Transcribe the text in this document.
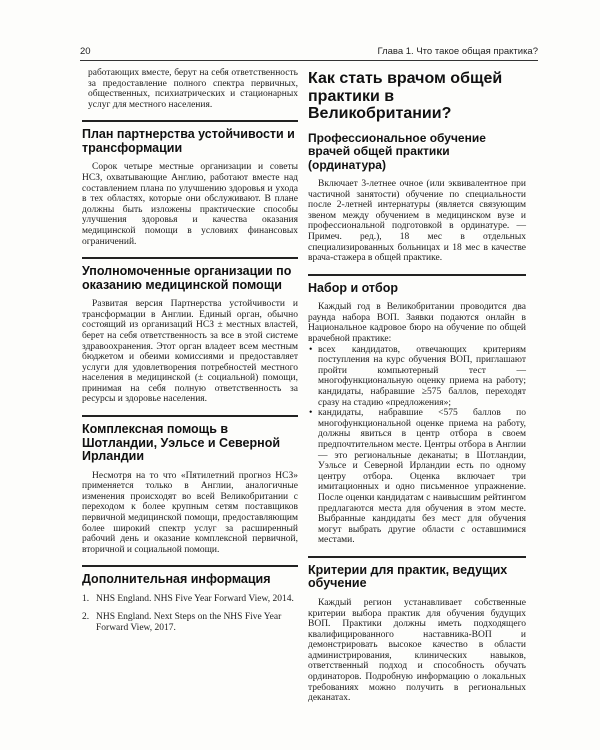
20	Глава 1. Что такое общая практика?

работающих вместе, берут на себя ответственность за предоставление полного спектра первичных, общественных, психиатрических и стационарных услуг для местного населения.

План партнерства устойчивости и трансформации

Сорок четыре местные организации и советы НСЗ, охватывающие Англию, работают вместе над составлением плана по улучшению здоровья и ухода в тех областях, которые они обслуживают. В плане должны быть изложены практические способы улучшения здоровья и качества оказания медицинской помощи в условиях финансовых ограничений.

Уполномоченные организации по оказанию медицинской помощи

Развитая версия Партнерства устойчивости и трансформации в Англии. Единый орган, обычно состоящий из организаций НСЗ ± местных властей, берет на себя ответственность за все в этой системе здравоохранения. Этот орган владеет всем местным бюджетом и обеими комиссиями и предоставляет услуги для удовлетворения потребностей местного населения в медицинской (± социальной) помощи, принимая на себя полную ответственность за ресурсы и здоровье населения.

Комплексная помощь в Шотландии, Уэльсе и Северной Ирландии

Несмотря на то что «Пятилетний прогноз НСЗ» применяется только в Англии, аналогичные изменения происходят во всей Великобритании с переходом к более крупным сетям поставщиков первичной медицинской помощи, предоставляющим более широкий спектр услуг за расширенный рабочий день и оказание комплексной первичной, вторичной и социальной помощи.

Дополнительная информация
1. NHS England. NHS Five Year Forward View, 2014.
2. NHS England. Next Steps on the NHS Five Year Forward View, 2017.
Как стать врачом общей практики в Великобритании?
Профессиональное обучение врачей общей практики (ординатура)

Включает 3-летнее очное (или эквивалентное при частичной занятости) обучение по специальности после 2-летней интернатуры (является связующим звеном между обучением в медицинском вузе и профессиональной подготовкой в ординатуре. — Примеч. ред.), 18 мес в отдельных специализированных больницах и 18 мес в качестве врача-стажера в общей практике.

Набор и отбор

Каждый год в Великобритании проводится два раунда набора ВОП. Заявки подаются онлайн в Национальное кадровое бюро на обучение по общей врачебной практике:

• всех кандидатов, отвечающих критериям поступления на курс обучения ВОП, приглашают пройти компьютерный тест — многофункциональную оценку приема на работу; кандидаты, набравшие ≥575 баллов, переходят сразу на стадию «предложения»;

• кандидаты, набравшие <575 баллов по многофункциональной оценке приема на работу, должны явиться в центр отбора в своем предпочтительном месте. Центры отбора в Англии — это региональные деканаты; в Шотландии, Уэльсе и Северной Ирландии есть по одному центру отбора. Оценка включает три имитационных и одно письменное упражнение. После оценки кандидатам с наивысшим рейтингом предлагаются места для обучения в этом месте. Выбранные кандидаты без мест для обучения могут выбрать другие области с оставшимися местами.

Критерии для практик, ведущих обучение

Каждый регион устанавливает собственные критерии выбора практик для обучения будущих ВОП. Практики должны иметь подходящего квалифицированного наставника-ВОП и демонстрировать высокое качество в области администрирования, клинических навыков, ответственный подход и способность обучать ординаторов. Подробную информацию о локальных требованиях можно получить в региональных деканатах.
